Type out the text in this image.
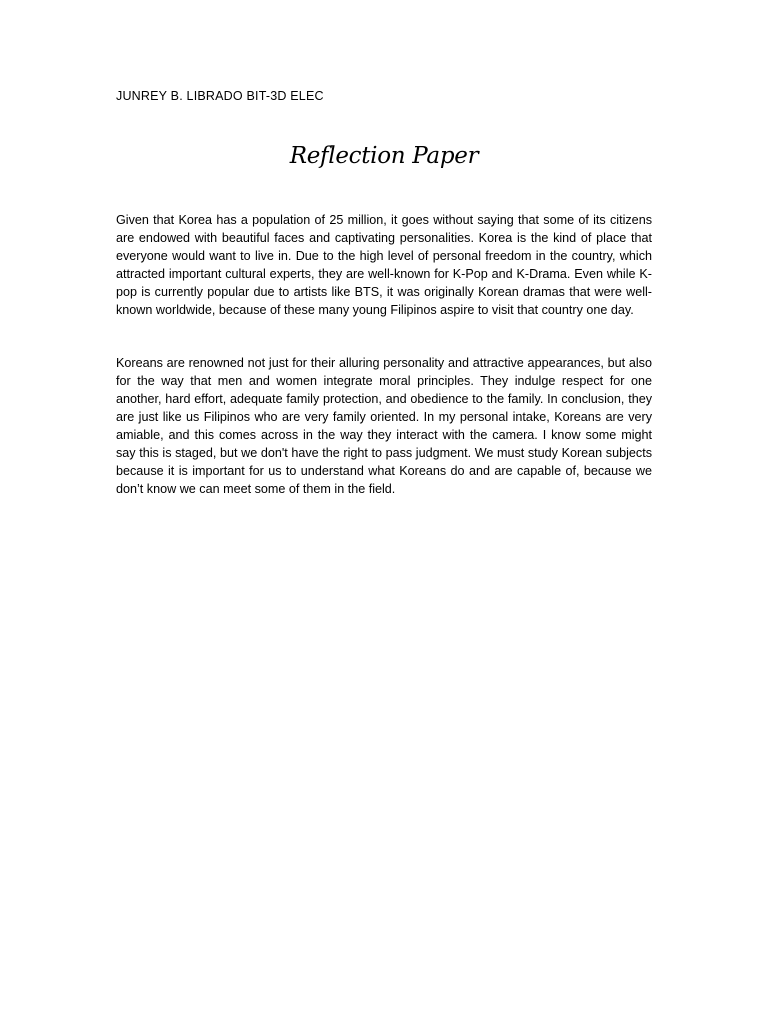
JUNREY B. LIBRADO BIT-3D ELEC
Reflection Paper

Given that Korea has a population of 25 million, it goes without saying that some of its citizens are endowed with beautiful faces and captivating personalities. Korea is the kind of place that everyone would want to live in. Due to the high level of personal freedom in the country, which attracted important cultural experts, they are well-known for K-Pop and K-Drama. Even while K-pop is currently popular due to artists like BTS, it was originally Korean dramas that were well-known worldwide, because of these many young Filipinos aspire to visit that country one day.

Koreans are renowned not just for their alluring personality and attractive appearances, but also for the way that men and women integrate moral principles. They indulge respect for one another, hard effort, adequate family protection, and obedience to the family. In conclusion, they are just like us Filipinos who are very family oriented. In my personal intake, Koreans are very amiable, and this comes across in the way they interact with the camera. I know some might say this is staged, but we don't have the right to pass judgment. We must study Korean subjects because it is important for us to understand what Koreans do and are capable of, because we don’t know we can meet some of them in the field.
